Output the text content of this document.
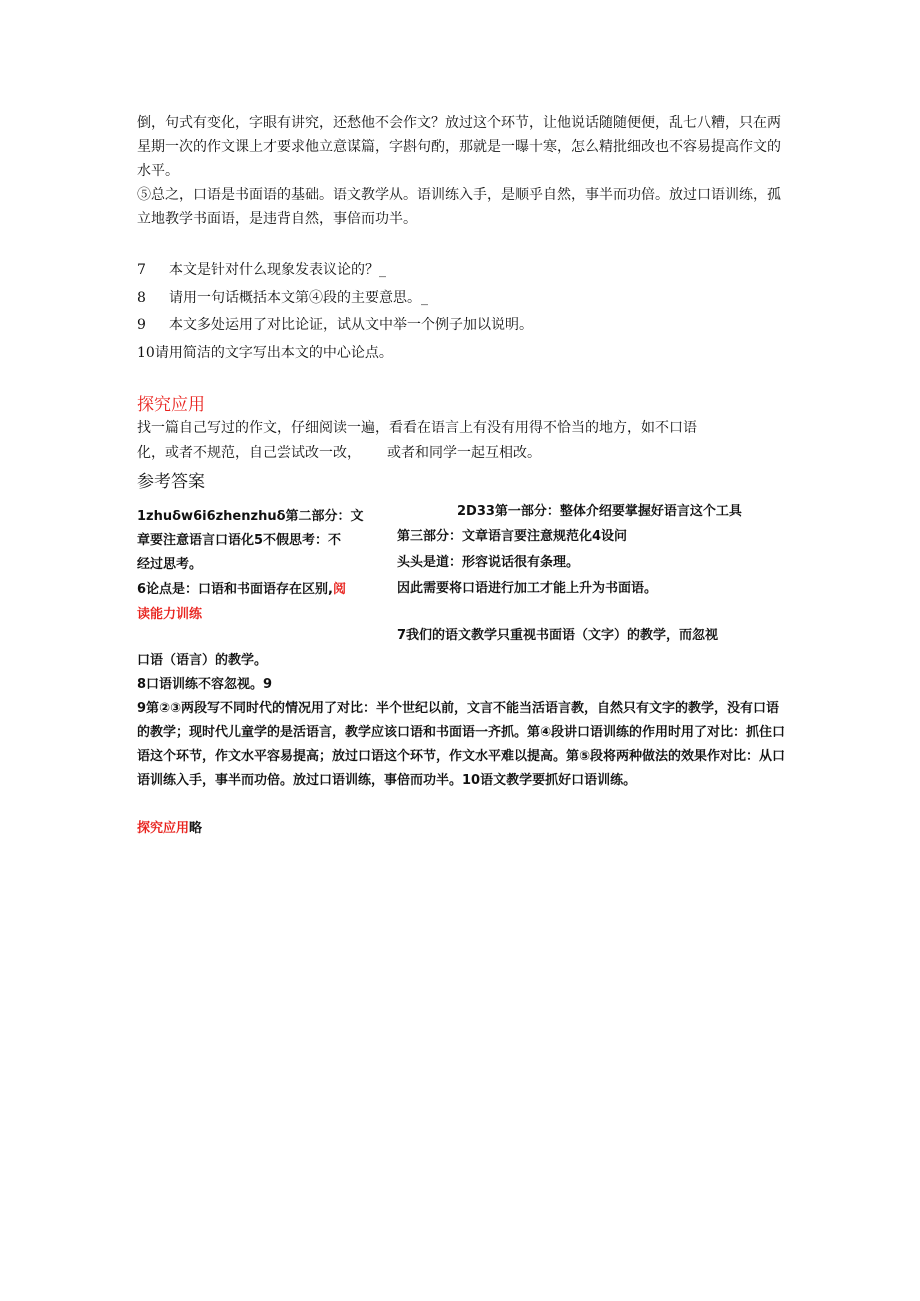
倒，句式有变化，字眼有讲究，还愁他不会作文？放过这个环节，让他说话随随便便，乱七八糟，只在两星期一次的作文课上才要求他立意谋篇，字斟句酌，那就是一曝十寒，怎么精批细改也不容易提高作文的水平。
⑤总之，口语是书面语的基础。语文教学从。语训练入手，是顺乎自然，事半而功倍。放过口语训练，孤立地教学书面语，是违背自然，事倍而功半。
7 本文是针对什么现象发表议论的？_
8 请用一句话概括本文第④段的主要意思。_
9 本文多处运用了对比论证，试从文中举一个例子加以说明。
10请用简洁的文字写出本文的中心论点。
探究应用
找一篇自己写过的作文，仔细阅读一遍，看看在语言上有没有用得不恰当的地方，如不口语
化，或者不规范，自己尝试改一改， 或者和同学一起互相改。
参考答案
1zhuδw6i6zhenzhuδ第二部分：文
章要注意语言口语化5不假思考：不
经过思考。
6论点是：口语和书面语存在区别,阅
读能力训练
2D33第一部分：整体介绍要掌握好语言这个工具
第三部分：文章语言要注意规范化4设问
头头是道：形容说话很有条理。
因此需要将口语进行加工才能上升为书面语。
7我们的语文教学只重视书面语（文字）的教学，而忽视
口语（语言）的教学。
8口语训练不容忽视。9
9第②③两段写不同时代的情况用了对比：半个世纪以前，文言不能当活语言教，自然只有文字的教学，没有口语的教学；现时代儿童学的是活语言，教学应该口语和书面语一齐抓。第④段讲口语训练的作用时用了对比：抓住口语这个环节，作文水平容易提高；放过口语这个环节，作文水平难以提高。第⑤段将两种做法的效果作对比：从口语训练入手，事半而功倍。放过口语训练，事倍而功半。10语文教学要抓好口语训练。
探究应用略
